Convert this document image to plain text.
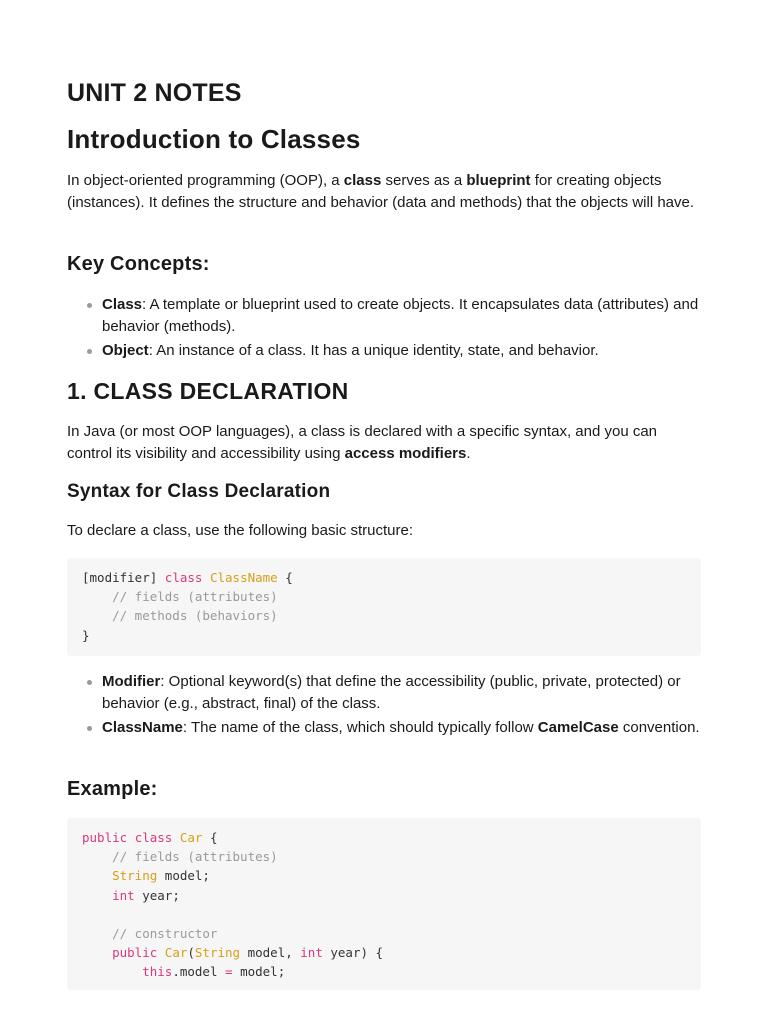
UNIT 2 NOTES
Introduction to Classes

In object-oriented programming (OOP), a class serves as a blueprint for creating objects (instances). It defines the structure and behavior (data and methods) that the objects will have.

Key Concepts:
Class: A template or blueprint used to create objects. It encapsulates data (attributes) and behavior (methods).
Object: An instance of a class. It has a unique identity, state, and behavior.
1. CLASS DECLARATION

In Java (or most OOP languages), a class is declared with a specific syntax, and you can control its visibility and accessibility using access modifiers.

Syntax for Class Declaration

To declare a class, use the following basic structure:

[modifier] class ClassName {
// fields (attributes)
// methods (behaviors)
}
Modifier: Optional keyword(s) that define the accessibility (public, private, protected) or behavior (e.g., abstract, final) of the class.
ClassName: The name of the class, which should typically follow CamelCase convention.
Example:
public class Car {
// fields (attributes)
String model;
int year;
// constructor
public Car(String model, int year) {
this.model = model;
